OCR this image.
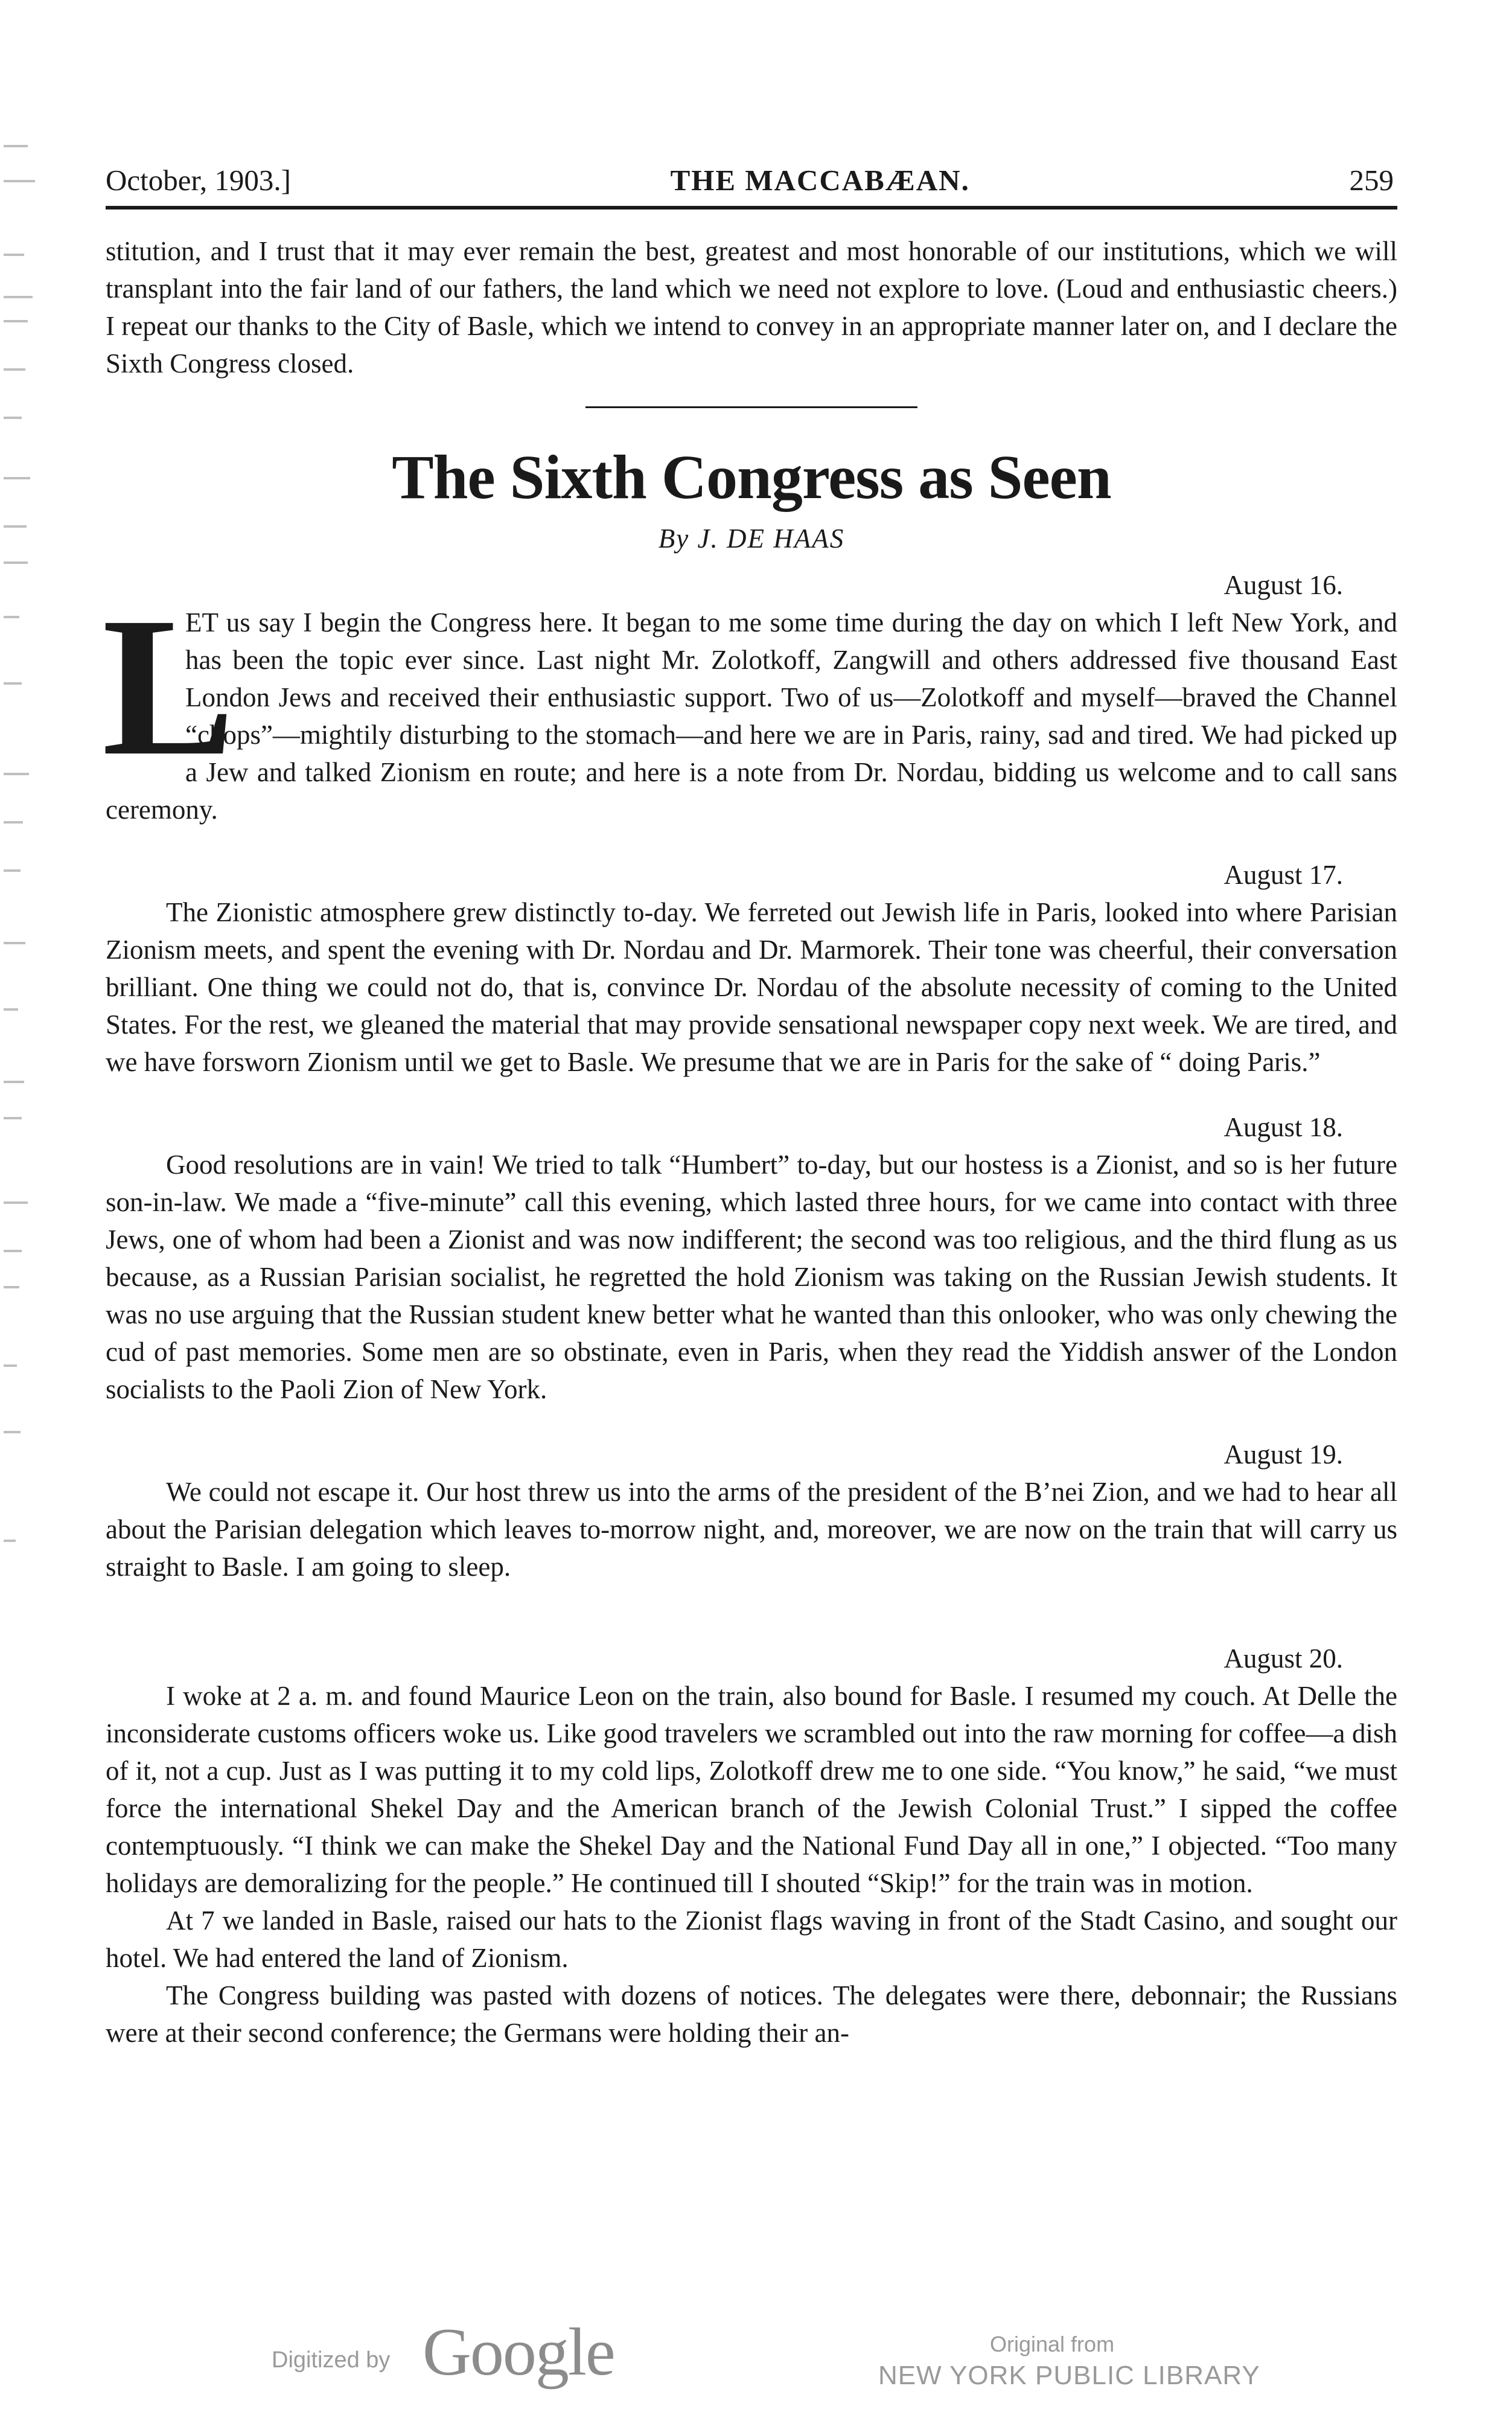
October, 1903.]	THE MACCABÆAN.	259

stitution, and I trust that it may ever remain the best, greatest and most honorable of our institutions, which we will transplant into the fair land of our fathers, the land which we need not explore to love. (Loud and enthusiastic cheers.) I repeat our thanks to the City of Basle, which we intend to convey in an appropriate manner later on, and I declare the Sixth Congress closed.

The Sixth Congress as Seen
By J. DE HAAS
August 16.
L

ET us say I begin the Congress here. It began to me some time during the day on which I left New York, and has been the topic ever since. Last night Mr. Zolotkoff, Zangwill and others addressed five thousand East London Jews and received their enthusiastic support. Two of us—Zolotkoff and myself—braved the Channel “chops”—mightily disturbing to the stomach—and here we are in Paris, rainy, sad and tired. We had picked up a Jew and talked Zionism en route; and here is a note from Dr. Nordau, bidding us welcome and to call sans ceremony.

August 17.

The Zionistic atmosphere grew distinctly to-day. We ferreted out Jewish life in Paris, looked into where Parisian Zionism meets, and spent the evening with Dr. Nordau and Dr. Marmorek. Their tone was cheerful, their conversation brilliant. One thing we could not do, that is, convince Dr. Nordau of the absolute necessity of coming to the United States. For the rest, we gleaned the material that may provide sensational newspaper copy next week. We are tired, and we have forsworn Zionism until we get to Basle. We presume that we are in Paris for the sake of “ doing Paris.”

August 18.

Good resolutions are in vain! We tried to talk “Humbert” to-day, but our hostess is a Zionist, and so is her future son-in-law. We made a “five-minute” call this evening, which lasted three hours, for we came into contact with three Jews, one of whom had been a Zionist and was now indifferent; the second was too religious, and the third flung as us because, as a Russian Parisian socialist, he regretted the hold Zionism was taking on the Russian Jewish students. It was no use arguing that the Russian student knew better what he wanted than this onlooker, who was only chewing the cud of past memories. Some men are so obstinate, even in Paris, when they read the Yiddish answer of the London socialists to the Paoli Zion of New York.

August 19.

We could not escape it. Our host threw us into the arms of the president of the B’nei Zion, and we had to hear all about the Parisian delegation which leaves to-morrow night, and, moreover, we are now on the train that will carry us straight to Basle. I am going to sleep.

August 20.

I woke at 2 a. m. and found Maurice Leon on the train, also bound for Basle. I resumed my couch. At Delle the inconsiderate customs officers woke us. Like good travelers we scrambled out into the raw morning for coffee—a dish of it, not a cup. Just as I was putting it to my cold lips, Zolotkoff drew me to one side. “You know,” he said, “we must force the international Shekel Day and the American branch of the Jewish Colonial Trust.” I sipped the coffee contemptuously. “I think we can make the Shekel Day and the National Fund Day all in one,” I objected. “Too many holidays are demoralizing for the people.” He continued till I shouted “Skip!” for the train was in motion.

At 7 we landed in Basle, raised our hats to the Zionist flags waving in front of the Stadt Casino, and sought our hotel. We had entered the land of Zionism.

The Congress building was pasted with dozens of notices. The delegates were there, debonnair; the Russians were at their second conference; the Germans were holding their an-

Digitized by Google	Original from
NEW YORK PUBLIC LIBRARY
